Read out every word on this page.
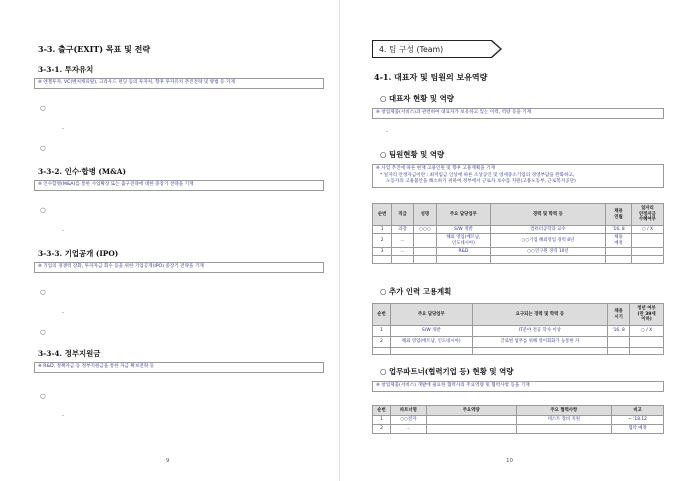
3-3. 출구(EXIT) 목표 및 전략
3-3-1. 투자유치
※ 엔젤투자, VC(벤처캐피탈), 크라우드 펀딩 등의 투자처, 향후 투자유치 추진전략 및 방법 등 기재
○
-
○
3-3-2. 인수·합병 (M&A)
※ 인수합병(M&A)를 통한 사업확장 또는 출구전략에 대한 중장기 전략을 기재
○
-
3-3-3. 기업공개 (IPO)
※ 기업의 경쟁력 강화, 투자자금 회수 등을 위한 기업공개(IPO) 중장기 전략을 기재
○
-
○
3-3-4. 정부지원금
※ R&D, 정책자금 등 정부지원금을 통한 자금 확보전략 등
○
-
9
4. 팀 구성 (Team)
4-1. 대표자 및 팀원의 보유역량
○ 대표자 현황 및 역량
※ 창업제품(서비스)과 관련하여 대표자가 보유하고 있는 이력, 역량 등을 기재
-
○ 팀원현황 및 역량
※ 사업 추진에 따른 현재 고용인원 및 향후 고용계획을 기재
* 일자리 안정자금이란 : 최저임금 인상에 따른 소상공인 및 영세중소기업의 경영부담을 완화하고,
노동자의 고용불안을 해소하기 위하여 정부에서 근로자 보수를 지원(고용노동부, 근로복지공단)
순번	직급	성명	주요 담당업무	경력 및 학력 등	채용
연월	일자리
안정자금
수혜여부
1	과장	○○○	S/W 개발	컴퓨터공학과 교수	'16. 8	○ / X
2	...		해외 영업(베트남,
인도네시아)	○○기업 해외영업 경력 8년	채용
예정	
3	...		R&D	○○연구원 경력 10년		

○ 추가 인력 고용계획
순번	주요 담당업무	요구되는 경력 및 학력 등	채용
시기	청년 여부
(만 39세
이하)
1	S/W 개발	IT분야 전공 학사 이상	'16. 8	○ / X
2	해외 영업(베트남, 인도네시아)	글로벌 업무를 위해 영어회화가 능통한 자		

○ 업무파트너(협력기업 등) 현황 및 역량
※ 창업제품(서비스) 개발에 필요한 협력사의 주요역량 및 협력사항 등을 기재
순번	파트너명	주요역량	주요 협력사항	비고
1	○○전자		테스트 장비 지원	~ '18.12
2	...			협약 예정
10
